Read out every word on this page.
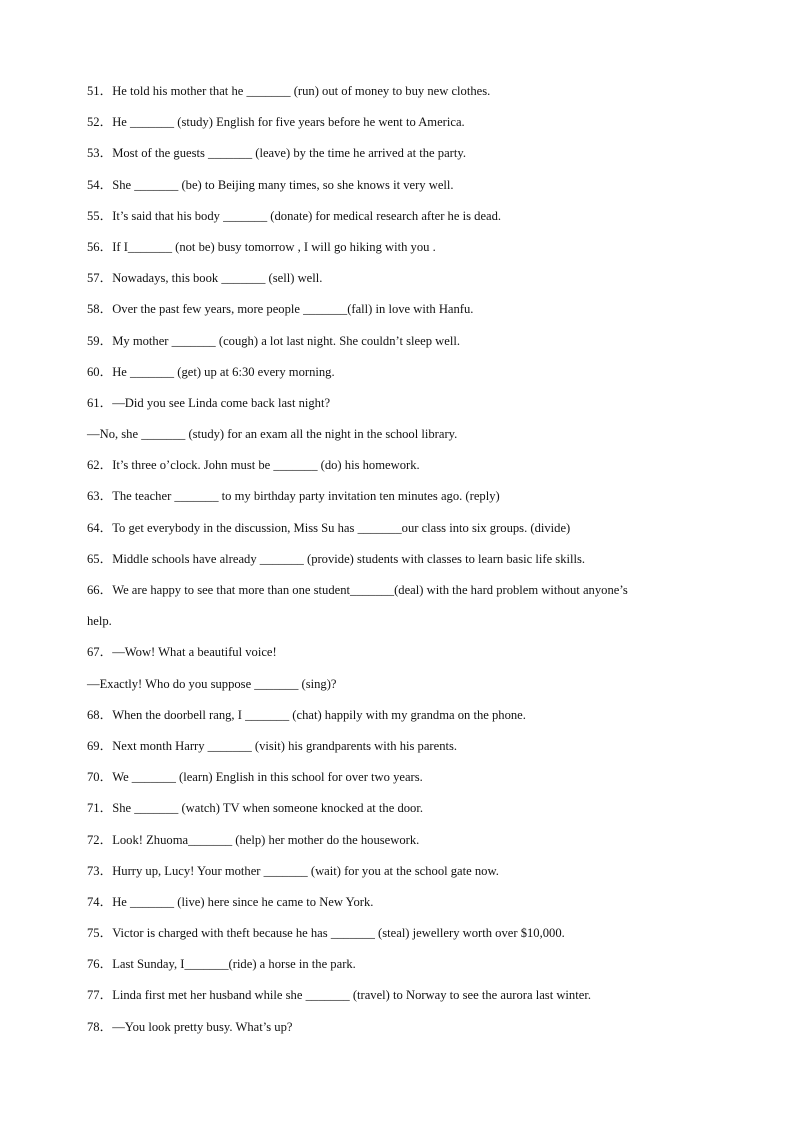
51．He told his mother that he _______ (run) out of money to buy new clothes.
52．He _______ (study) English for five years before he went to America.
53．Most of the guests _______ (leave) by the time he arrived at the party.
54．She _______ (be) to Beijing many times, so she knows it very well.
55．It’s said that his body _______ (donate) for medical research after he is dead.
56．If I_______ (not be) busy tomorrow , I will go hiking with you .
57．Nowadays, this book _______ (sell) well.
58．Over the past few years, more people _______(fall) in love with Hanfu.
59．My mother _______ (cough) a lot last night. She couldn’t sleep well.
60．He _______ (get) up at 6:30 every morning.
61．—Did you see Linda come back last night?
—No, she _______ (study) for an exam all the night in the school library.
62．It’s three o’clock. John must be _______ (do) his homework.
63．The teacher _______ to my birthday party invitation ten minutes ago. (reply)
64．To get everybody in the discussion, Miss Su has _______our class into six groups. (divide)
65．Middle schools have already _______ (provide) students with classes to learn basic life skills.
66．We are happy to see that more than one student_______(deal) with the hard problem without anyone’s
help.
67．—Wow! What a beautiful voice!
—Exactly! Who do you suppose _______ (sing)?
68．When the doorbell rang, I _______ (chat) happily with my grandma on the phone.
69．Next month Harry _______ (visit) his grandparents with his parents.
70．We _______ (learn) English in this school for over two years.
71．She _______ (watch) TV when someone knocked at the door.
72．Look! Zhuoma_______ (help) her mother do the housework.
73．Hurry up, Lucy! Your mother _______ (wait) for you at the school gate now.
74．He _______ (live) here since he came to New York.
75．Victor is charged with theft because he has _______ (steal) jewellery worth over $10,000.
76．Last Sunday, I_______(ride) a horse in the park.
77．Linda first met her husband while she _______ (travel) to Norway to see the aurora last winter.
78．—You look pretty busy. What’s up?
